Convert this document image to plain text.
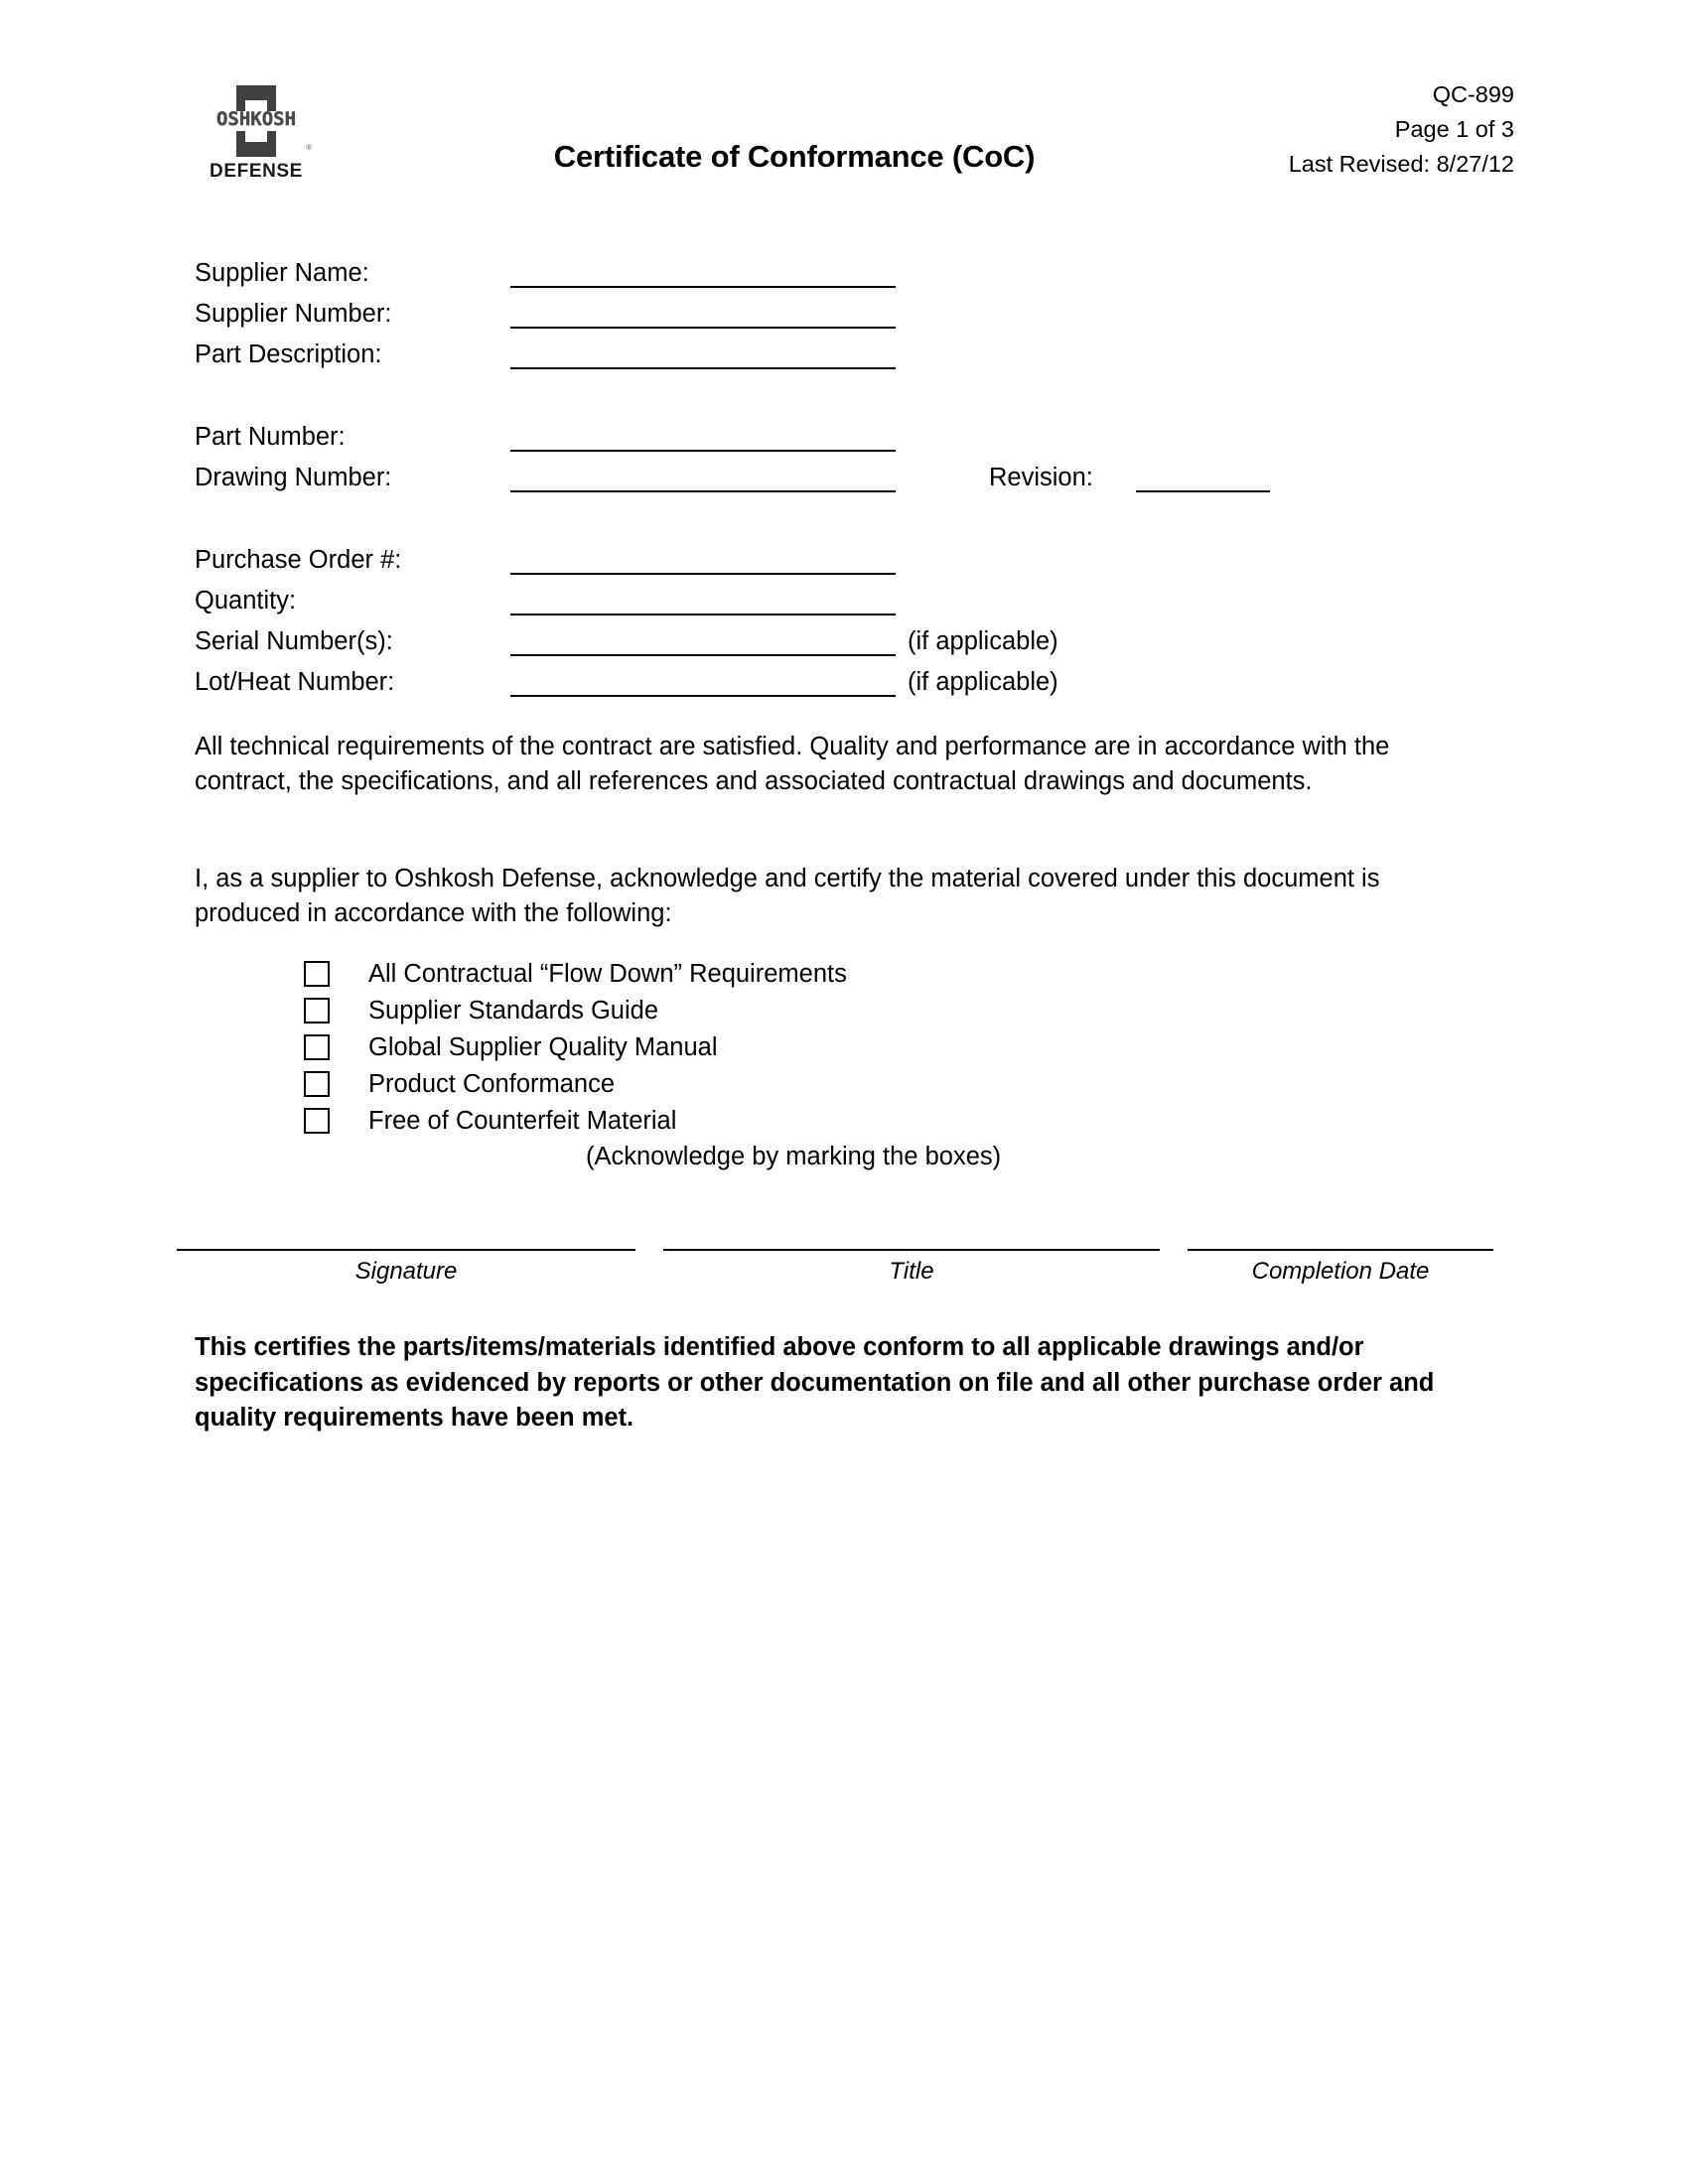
OSHKOSH
®
DEFENSE	Certificate of Conformance (CoC)
QC-899
Page 1 of 3
Last Revised: 8/27/12
Supplier Name:
Supplier Number:
Part Description:
Part Number:
Drawing Number:	Revision:
Purchase Order #:
Quantity:
Serial Number(s):	(if applicable)
Lot/Heat Number:	(if applicable)
All technical requirements of the contract are satisfied. Quality and performance are in accordance with the contract, the specifications, and all references and associated contractual drawings and documents.
I, as a supplier to Oshkosh Defense, acknowledge and certify the material covered under this document is produced in accordance with the following:
All Contractual “Flow Down” Requirements
Supplier Standards Guide
Global Supplier Quality Manual
Product Conformance
Free of Counterfeit Material
(Acknowledge by marking the boxes)
Signature	Title	Completion Date
This certifies the parts/items/materials identified above conform to all applicable drawings and/or specifications as evidenced by reports or other documentation on file and all other purchase order and quality requirements have been met.
